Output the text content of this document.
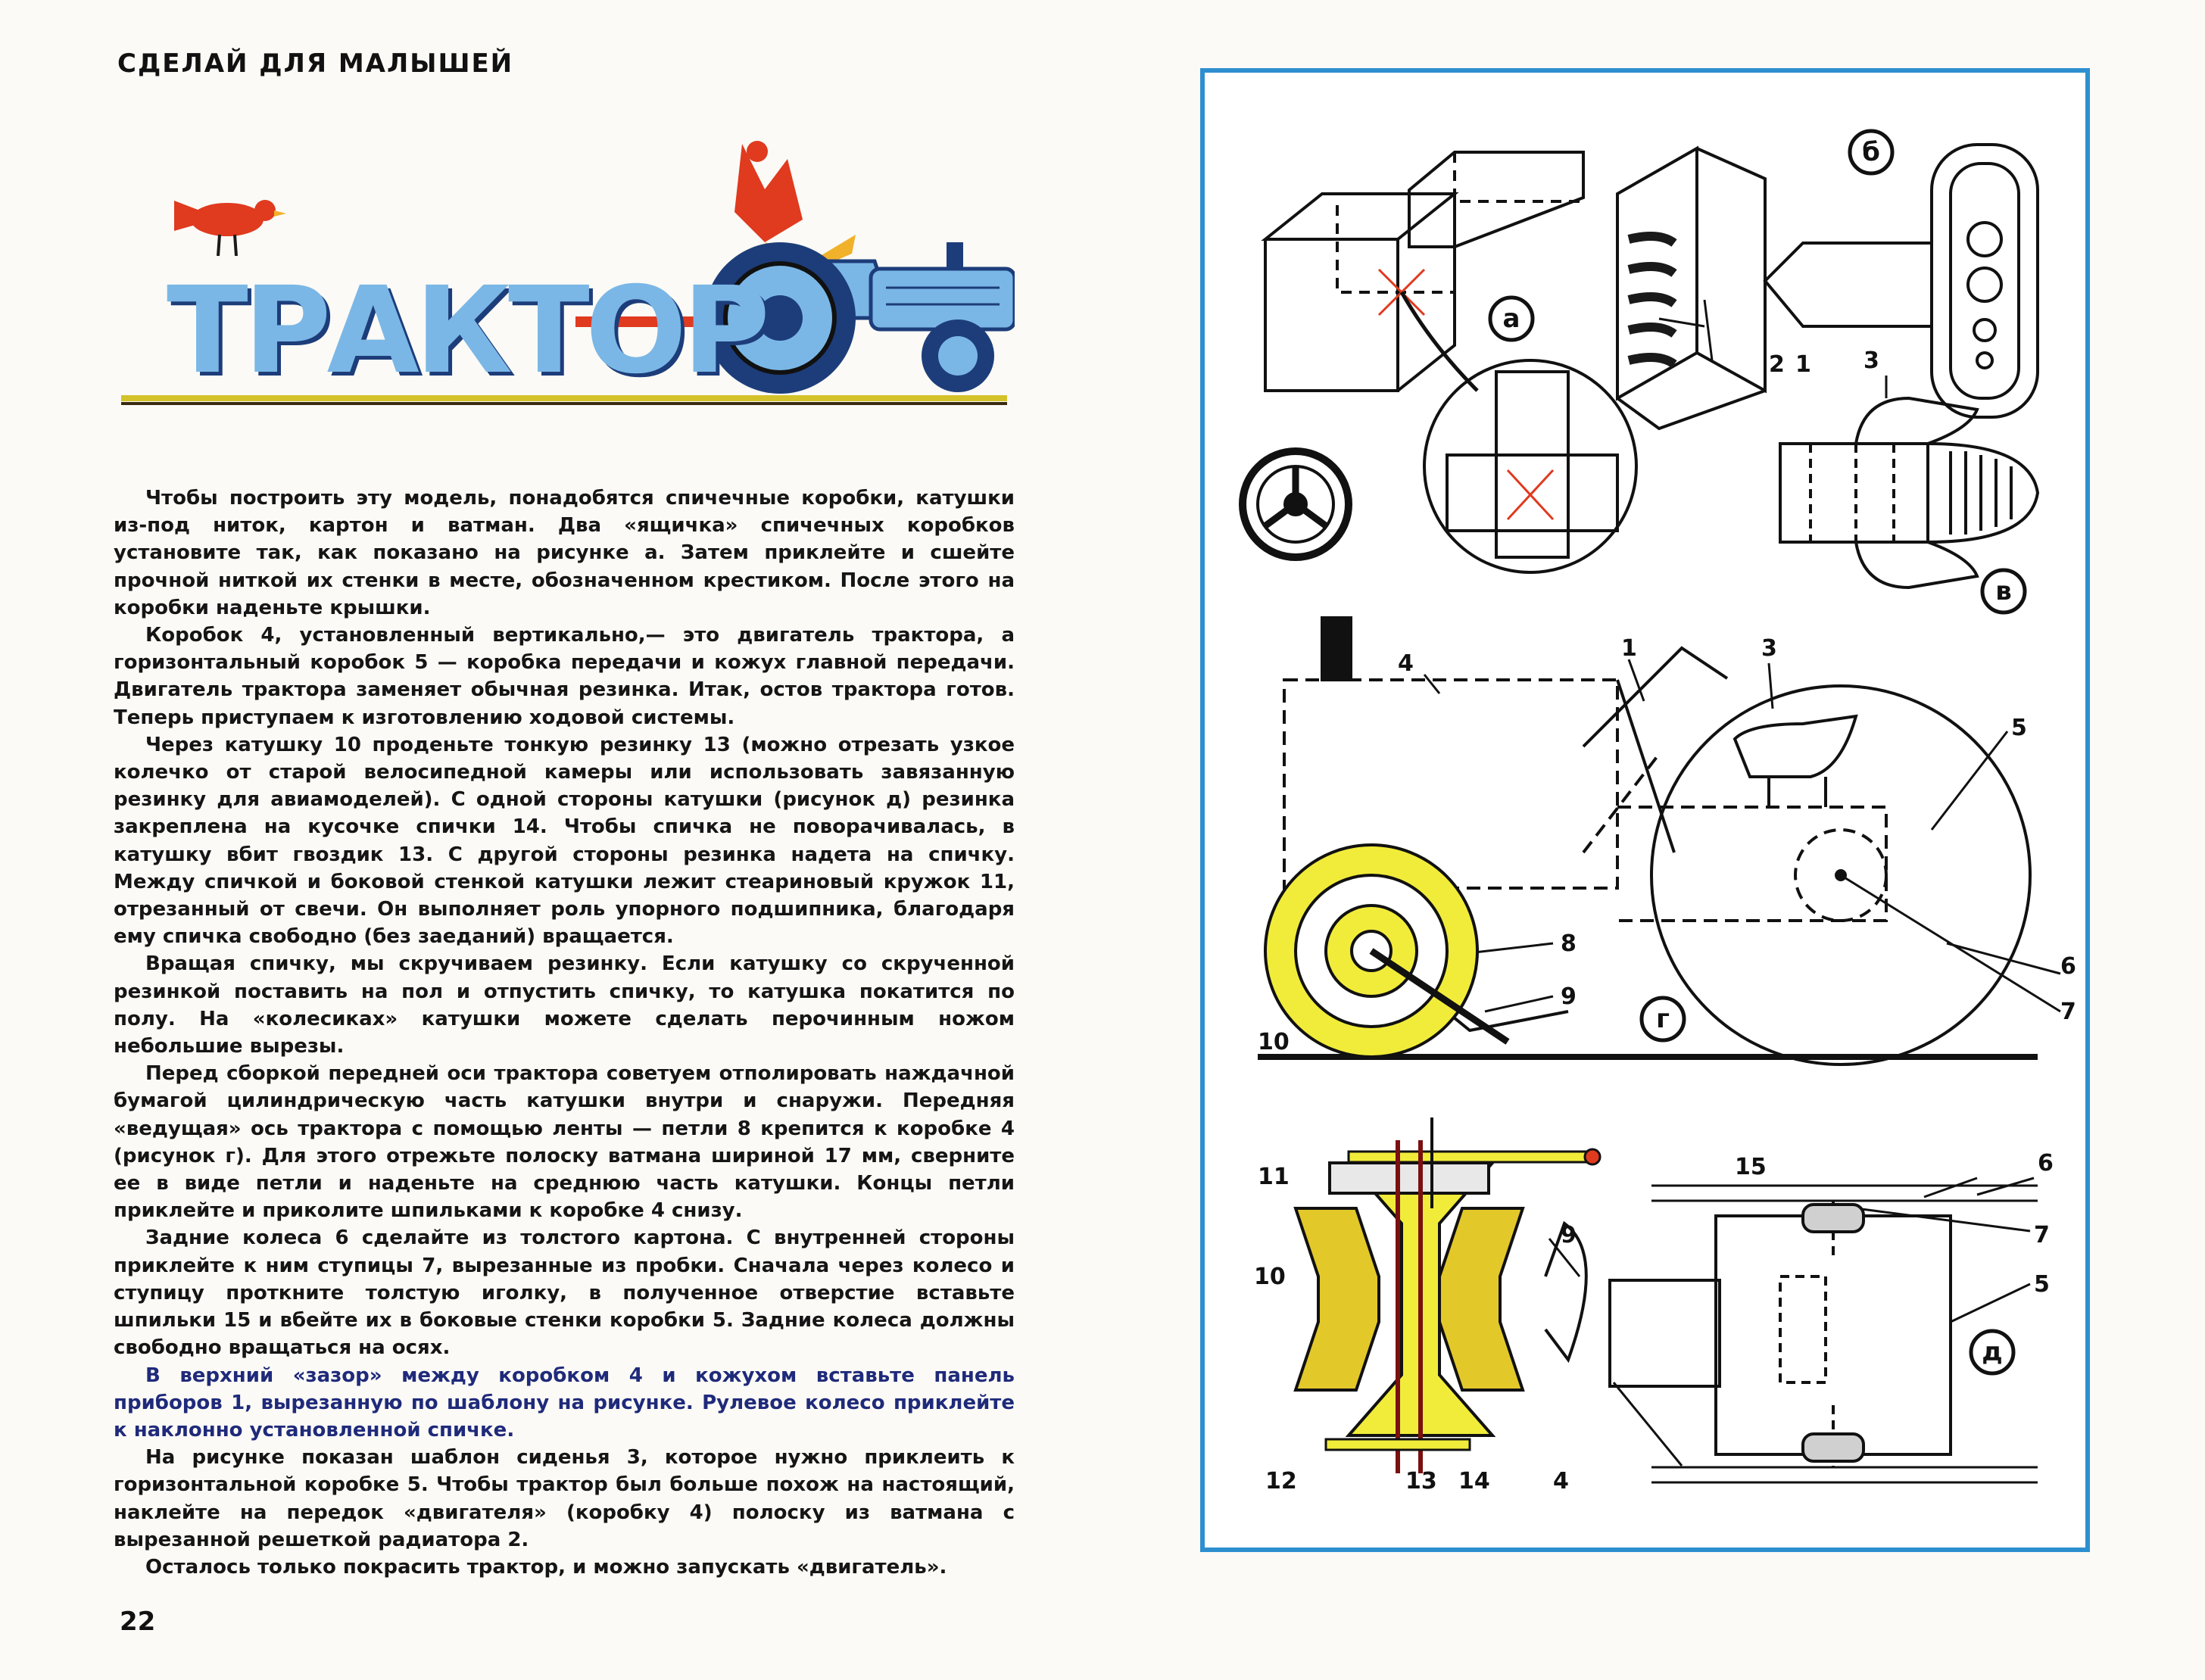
СДЕЛАЙ ДЛЯ МАЛЫШЕЙ
ТРАКТОР

Чтобы построить эту модель, понадобятся спичечные коробки, катушки из-под ниток, картон и ватман. Два «ящичка» спичечных коробков установите так, как показано на рисунке а. Затем приклейте и сшейте прочной ниткой их стенки в месте, обозначенном крестиком. После этого на коробки наденьте крышки.

Коробок 4, установленный вертикально,— это двигатель трактора, а горизонтальный коробок 5 — коробка передачи и кожух главной передачи. Двигатель трактора заменяет обычная резинка. Итак, остов трактора готов. Теперь приступаем к изготовлению ходовой системы.

Через катушку 10 проденьте тонкую резинку 13 (можно отрезать узкое колечко от старой велосипедной камеры или использовать завязанную резинку для авиамоделей). С одной стороны катушки (рисунок д) резинка закреплена на кусочке спички 14. Чтобы спичка не поворачивалась, в катушку вбит гвоздик 13. С другой стороны резинка надета на спичку. Между спичкой и боковой стенкой катушки лежит стеариновый кружок 11, отрезанный от свечи. Он выполняет роль упорного подшипника, благодаря ему спичка свободно (без заеданий) вращается.

Вращая спичку, мы скручиваем резинку. Если катушку со скрученной резинкой поставить на пол и отпустить спичку, то катушка покатится по полу. На «колесиках» катушки можете сделать перочинным ножом небольшие вырезы.

Перед сборкой передней оси трактора советуем отполировать наждачной бумагой цилиндрическую часть катушки внутри и снаружи. Передняя «ведущая» ось трактора с помощью ленты — петли 8 крепится к коробке 4 (рисунок г). Для этого отрежьте полоску ватмана шириной 17 мм, сверните ее в виде петли и наденьте на среднюю часть катушки. Концы петли приклейте и приколите шпильками к коробке 4 снизу.

Задние колеса 6 сделайте из толстого картона. С внутренней стороны приклейте к ним ступицы 7, вырезанные из пробки. Сначала через колесо и ступицу проткните толстую иголку, в полученное отверстие вставьте шпильки 15 и вбейте их в боковые стенки коробки 5. Задние колеса должны свободно вращаться на осях.

В верхний «зазор» между коробком 4 и кожухом вставьте панель приборов 1, вырезанную по шаблону на рисунке. Рулевое колесо приклейте к наклонно установленной спичке.

На рисунке показан шаблон сиденья 3, которое нужно приклеить к горизонтальной коробке 5. Чтобы трактор был больше похож на настоящий, наклейте на передок «двигателя» (коробку 4) полоску из ватмана с вырезанной решеткой радиатора 2.

Осталось только покрасить трактор, и можно запускать «двигатель».

22
а
б
в
г
д
2 1 3
4
1	3
5
6
7
8
9
10
11
9
10
12	13 14	4
15	6
7
5
